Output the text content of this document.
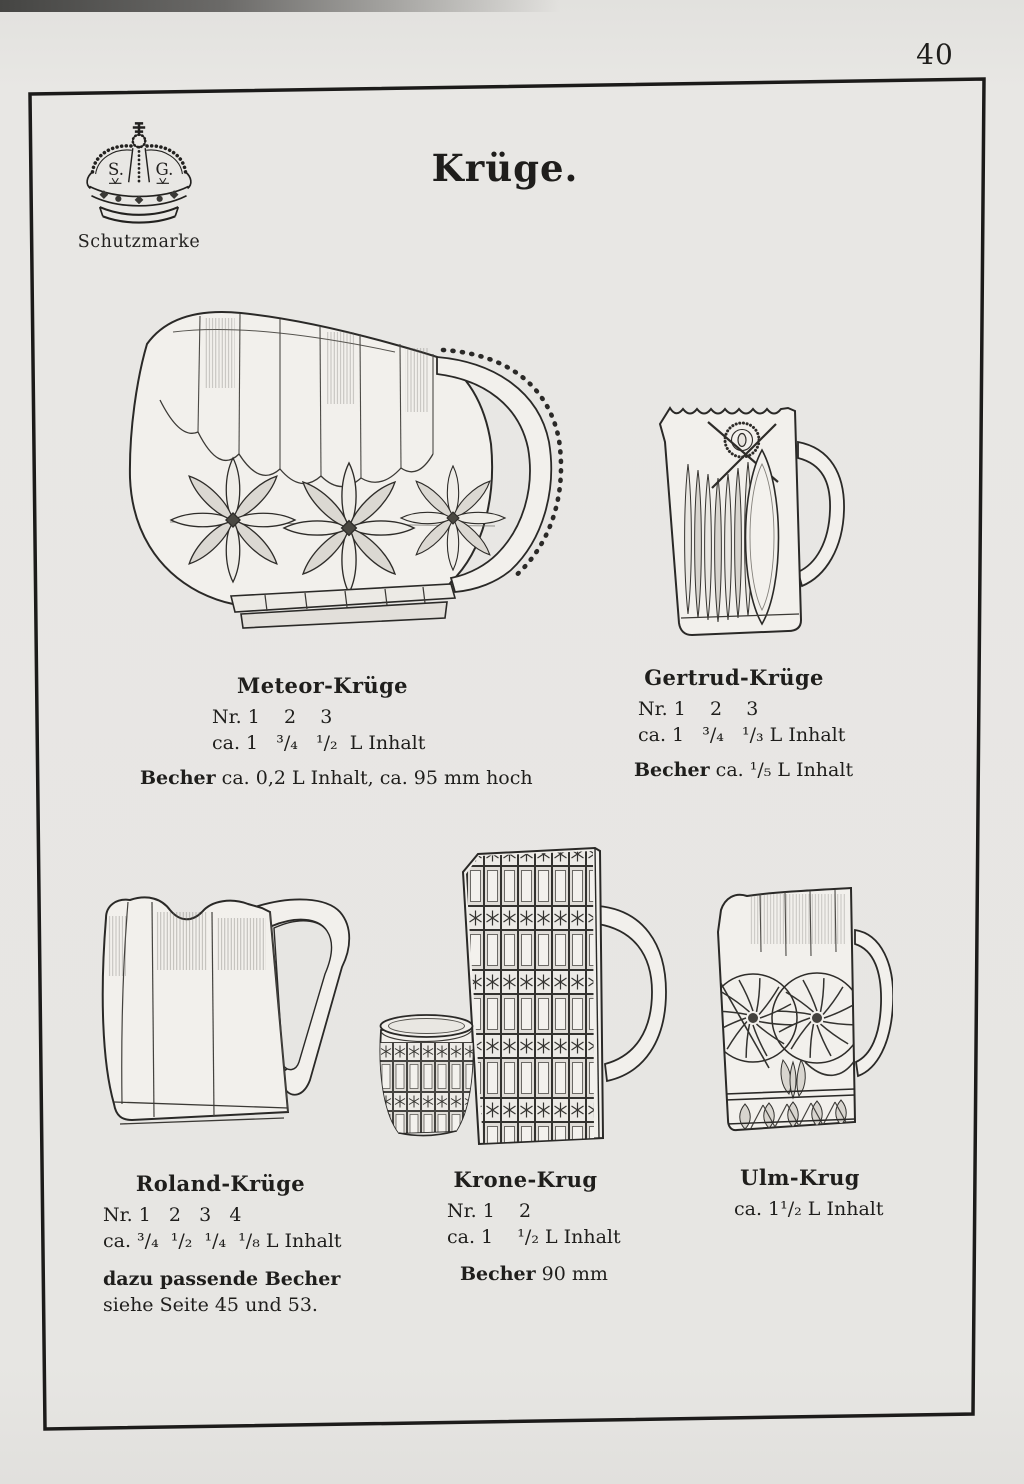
40
S. G.
Schutzmarke
Krüge.
Meteor-Krüge
Nr. 1    2    3
ca. 1   ³/₄   ¹/₂  L Inhalt
Becher ca. 0,2 L Inhalt, ca. 95 mm hoch
Gertrud-Krüge
Nr. 1    2    3
ca. 1   ³/₄   ¹/₃ L Inhalt
Becher ca. ¹/₅ L Inhalt
Roland-Krüge
Nr. 1   2   3   4
ca. ³/₄  ¹/₂  ¹/₄  ¹/₈ L Inhalt
dazu passende Becher
siehe Seite 45 und 53.
Krone-Krug
Nr. 1    2
ca. 1    ¹/₂ L Inhalt
Becher 90 mm
Ulm-Krug
ca. 1¹/₂ L Inhalt
